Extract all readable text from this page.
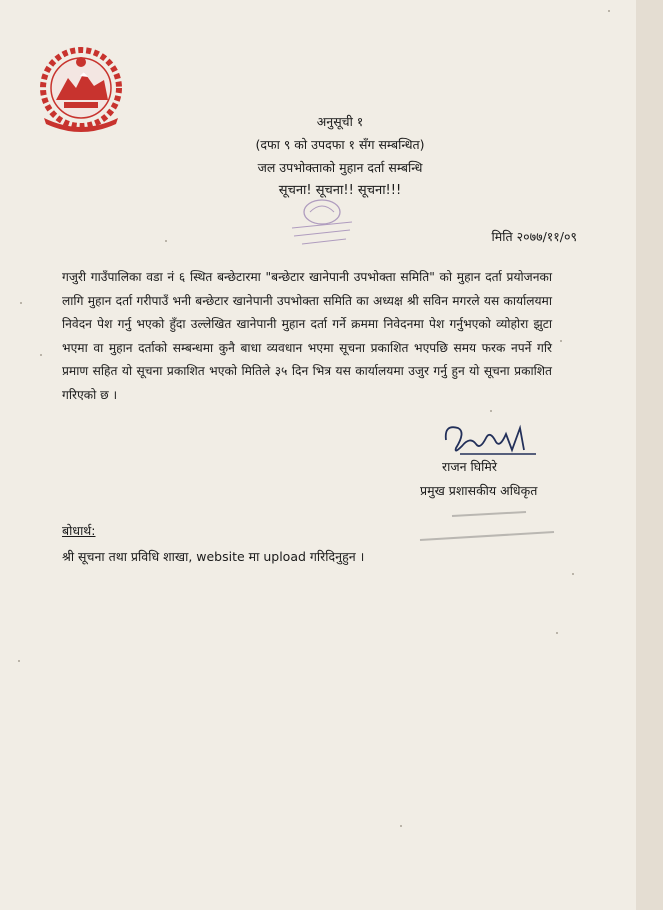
अनुसूची १
(दफा ९ को उपदफा १ सँग सम्बन्धित)
जल उपभोक्ताको मुहान दर्ता सम्बन्धि
सूचना! सूचना!! सूचना!!!
मिति २०७७/११/०९
गजुरी गाउँपालिका वडा नं ६ स्थित बन्छेटारमा "बन्छेटार खानेपानी उपभोक्ता समिति" को मुहान दर्ता प्रयोजनका लागि मुहान दर्ता गरीपाउँ भनी बन्छेटार खानेपानी उपभोक्ता समिति का अध्यक्ष श्री सविन मगरले यस कार्यालयमा निवेदन पेश गर्नु भएको हुँदा उल्लेखित खानेपानी मुहान दर्ता गर्ने क्रममा निवेदनमा पेश गर्नुभएको व्योहोरा झुटा भएमा वा मुहान दर्ताको सम्बन्धमा कुनै बाधा व्यवधान भएमा सूचना प्रकाशित भएपछि समय फरक नपर्ने गरि प्रमाण सहित यो सूचना प्रकाशित भएको मितिले ३५ दिन भित्र यस कार्यालयमा उजुर गर्नु हुन यो सूचना प्रकाशित गरिएको छ ।
राजन घिमिरे
प्रमुख प्रशासकीय अधिकृत
बोधार्थ:
श्री सूचना तथा प्रविधि शाखा, website मा upload गरिदिनुहुन ।
